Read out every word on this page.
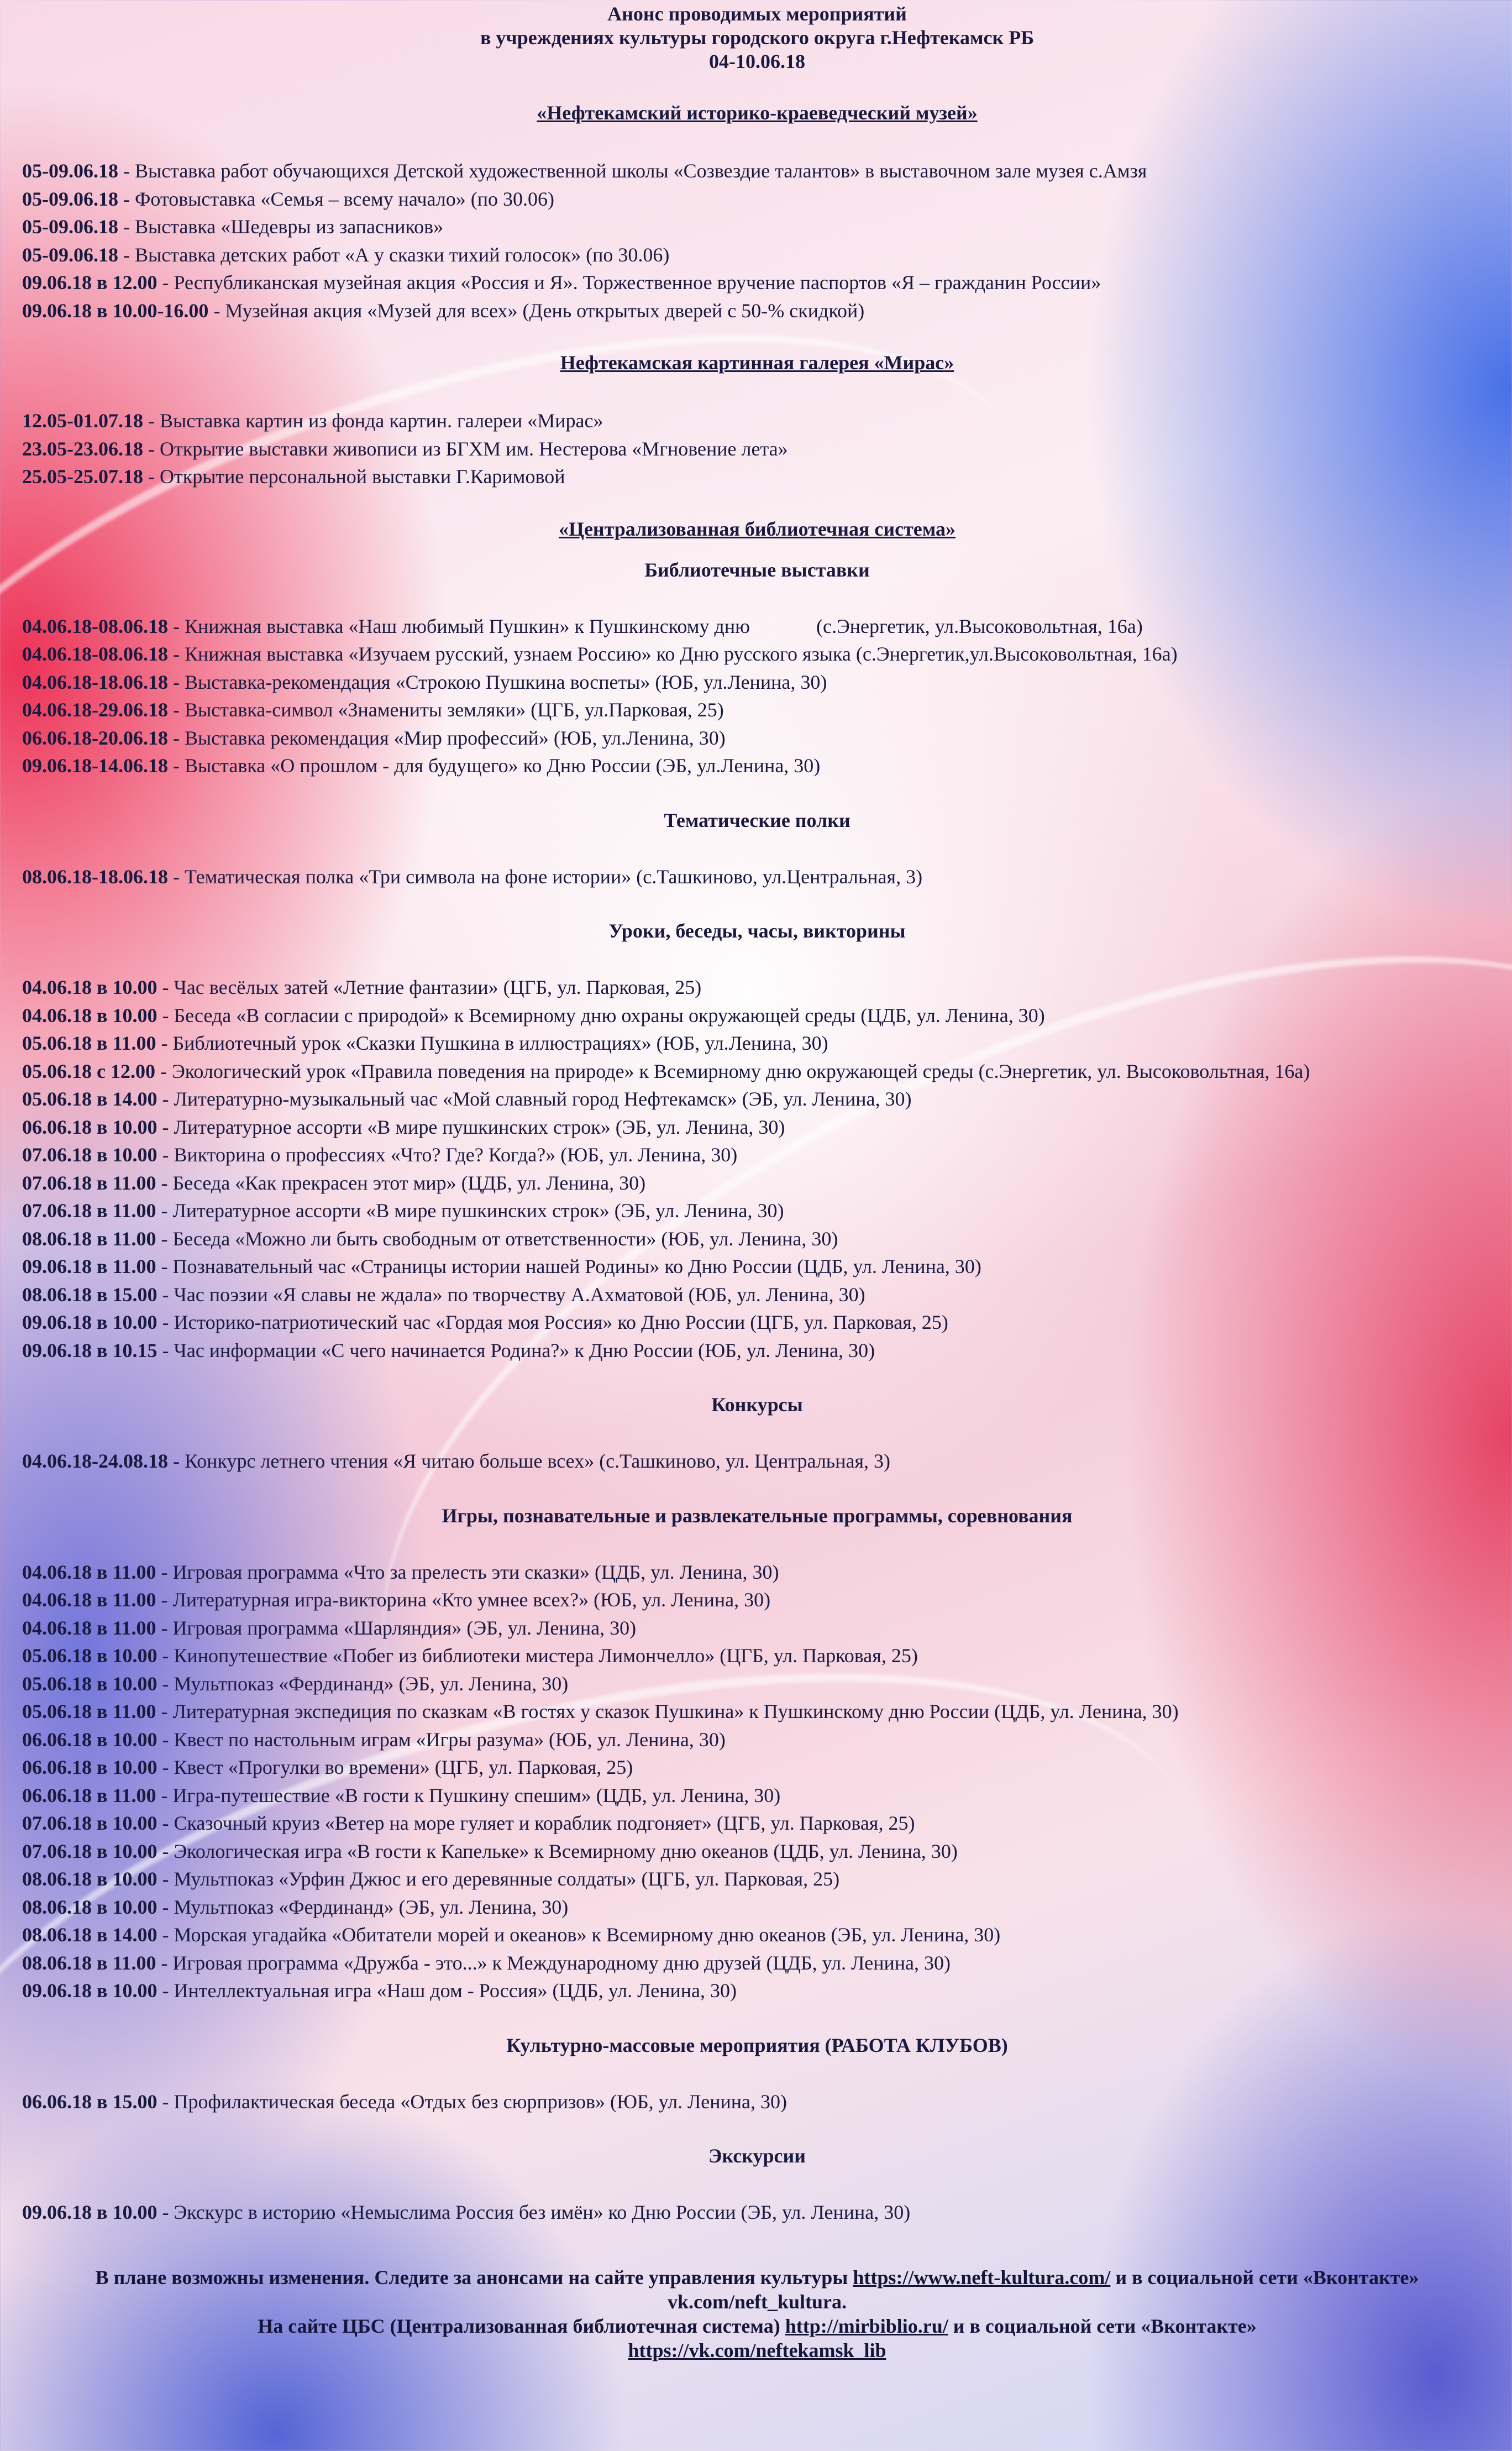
Анонс проводимых мероприятий
в учреждениях культуры городского округа г.Нефтекамск РБ
04-10.06.18
«Нефтекамский историко-краеведческий музей»
05-09.06.18 - Выставка работ обучающихся Детской художественной школы «Созвездие талантов» в выставочном зале музея с.Амзя
05-09.06.18 - Фотовыставка «Семья – всему начало» (по 30.06)
05-09.06.18 - Выставка «Шедевры из запасников»
05-09.06.18 - Выставка детских работ «А у сказки тихий голосок» (по 30.06)
09.06.18 в 12.00 - Республиканская музейная акция «Россия и Я». Торжественное вручение паспортов «Я – гражданин России»
09.06.18 в 10.00-16.00 - Музейная акция «Музей для всех» (День открытых дверей с 50-% скидкой)
Нефтекамская картинная галерея «Мирас»
12.05-01.07.18 - Выставка картин из фонда картин. галереи «Мирас»
23.05-23.06.18 - Открытие выставки живописи из БГХМ им. Нестерова «Мгновение лета»
25.05-25.07.18 - Открытие персональной выставки Г.Каримовой
«Централизованная библиотечная система»
Библиотечные выставки
04.06.18-08.06.18 - Книжная выставка «Наш любимый Пушкин» к Пушкинскому дню	(с.Энергетик, ул.Высоковольтная, 16а)
04.06.18-08.06.18 - Книжная выставка «Изучаем русский, узнаем Россию» ко Дню русского языка (с.Энергетик,ул.Высоковольтная, 16а)
04.06.18-18.06.18 - Выставка-рекомендация «Строкою Пушкина воспеты» (ЮБ, ул.Ленина, 30)
04.06.18-29.06.18 - Выставка-символ «Знамениты земляки» (ЦГБ, ул.Парковая, 25)
06.06.18-20.06.18 - Выставка рекомендация «Мир профессий» (ЮБ, ул.Ленина, 30)
09.06.18-14.06.18 - Выставка «О прошлом - для будущего» ко Дню России (ЭБ, ул.Ленина, 30)
Тематические полки
08.06.18-18.06.18 - Тематическая полка «Три символа на фоне истории» (с.Ташкиново, ул.Центральная, 3)
Уроки, беседы, часы, викторины
04.06.18 в 10.00 - Час весёлых затей «Летние фантазии» (ЦГБ, ул. Парковая, 25)
04.06.18 в 10.00 - Беседа «В согласии с природой» к Всемирному дню охраны окружающей среды (ЦДБ, ул. Ленина, 30)
05.06.18 в 11.00 - Библиотечный урок «Сказки Пушкина в иллюстрациях» (ЮБ, ул.Ленина, 30)
05.06.18 с 12.00 - Экологический урок «Правила поведения на природе» к Всемирному дню окружающей среды (с.Энергетик, ул. Высоковольтная, 16а)
05.06.18 в 14.00 - Литературно-музыкальный час «Мой славный город Нефтекамск» (ЭБ, ул. Ленина, 30)
06.06.18 в 10.00 - Литературное ассорти «В мире пушкинских строк» (ЭБ, ул. Ленина, 30)
07.06.18 в 10.00 - Викторина о профессиях «Что? Где? Когда?» (ЮБ, ул. Ленина, 30)
07.06.18 в 11.00 - Беседа «Как прекрасен этот мир» (ЦДБ, ул. Ленина, 30)
07.06.18 в 11.00 - Литературное ассорти «В мире пушкинских строк» (ЭБ, ул. Ленина, 30)
08.06.18 в 11.00 - Беседа «Можно ли быть свободным от ответственности» (ЮБ, ул. Ленина, 30)
09.06.18 в 11.00 - Познавательный час «Страницы истории нашей Родины» ко Дню России (ЦДБ, ул. Ленина, 30)
08.06.18 в 15.00 - Час поэзии «Я славы не ждала» по творчеству А.Ахматовой (ЮБ, ул. Ленина, 30)
09.06.18 в 10.00 - Историко-патриотический час «Гордая моя Россия» ко Дню России (ЦГБ, ул. Парковая, 25)
09.06.18 в 10.15 - Час информации «С чего начинается Родина?» к Дню России (ЮБ, ул. Ленина, 30)
Конкурсы
04.06.18-24.08.18 - Конкурс летнего чтения «Я читаю больше всех» (с.Ташкиново, ул. Центральная, 3)
Игры, познавательные и развлекательные программы, соревнования
04.06.18 в 11.00 - Игровая программа «Что за прелесть эти сказки» (ЦДБ, ул. Ленина, 30)
04.06.18 в 11.00 - Литературная игра-викторина «Кто умнее всех?» (ЮБ, ул. Ленина, 30)
04.06.18 в 11.00 - Игровая программа «Шарляндия» (ЭБ, ул. Ленина, 30)
05.06.18 в 10.00 - Кинопутешествие «Побег из библиотеки мистера Лимончелло» (ЦГБ, ул. Парковая, 25)
05.06.18 в 10.00 - Мультпоказ «Фердинанд» (ЭБ, ул. Ленина, 30)
05.06.18 в 11.00 - Литературная экспедиция по сказкам «В гостях у сказок Пушкина» к Пушкинскому дню России (ЦДБ, ул. Ленина, 30)
06.06.18 в 10.00 - Квест по настольным играм «Игры разума» (ЮБ, ул. Ленина, 30)
06.06.18 в 10.00 - Квест «Прогулки во времени» (ЦГБ, ул. Парковая, 25)
06.06.18 в 11.00 - Игра-путешествие «В гости к Пушкину спешим» (ЦДБ, ул. Ленина, 30)
07.06.18 в 10.00 - Сказочный круиз «Ветер на море гуляет и кораблик подгоняет» (ЦГБ, ул. Парковая, 25)
07.06.18 в 10.00 - Экологическая игра «В гости к Капельке» к Всемирному дню океанов (ЦДБ, ул. Ленина, 30)
08.06.18 в 10.00 - Мультпоказ «Урфин Джюс и его деревянные солдаты» (ЦГБ, ул. Парковая, 25)
08.06.18 в 10.00 - Мультпоказ «Фердинанд» (ЭБ, ул. Ленина, 30)
08.06.18 в 14.00 - Морская угадайка «Обитатели морей и океанов» к Всемирному дню океанов (ЭБ, ул. Ленина, 30)
08.06.18 в 11.00 - Игровая программа «Дружба - это...» к Международному дню друзей (ЦДБ, ул. Ленина, 30)
09.06.18 в 10.00 - Интеллектуальная игра «Наш дом - Россия» (ЦДБ, ул. Ленина, 30)
Культурно-массовые мероприятия (РАБОТА КЛУБОВ)
06.06.18 в 15.00 - Профилактическая беседа «Отдых без сюрпризов» (ЮБ, ул. Ленина, 30)
Экскурсии
09.06.18 в 10.00 - Экскурс в историю «Немыслима Россия без имён» ко Дню России (ЭБ, ул. Ленина, 30)
В плане возможны изменения. Следите за анонсами на сайте управления культуры https://www.neft-kultura.com/ и в социальной сети «Вконтакте» vk.com/neft_kultura.
На сайте ЦБС (Централизованная библиотечная система) http://mirbiblio.ru/ и в социальной сети «Вконтакте»
https://vk.com/neftekamsk_lib
